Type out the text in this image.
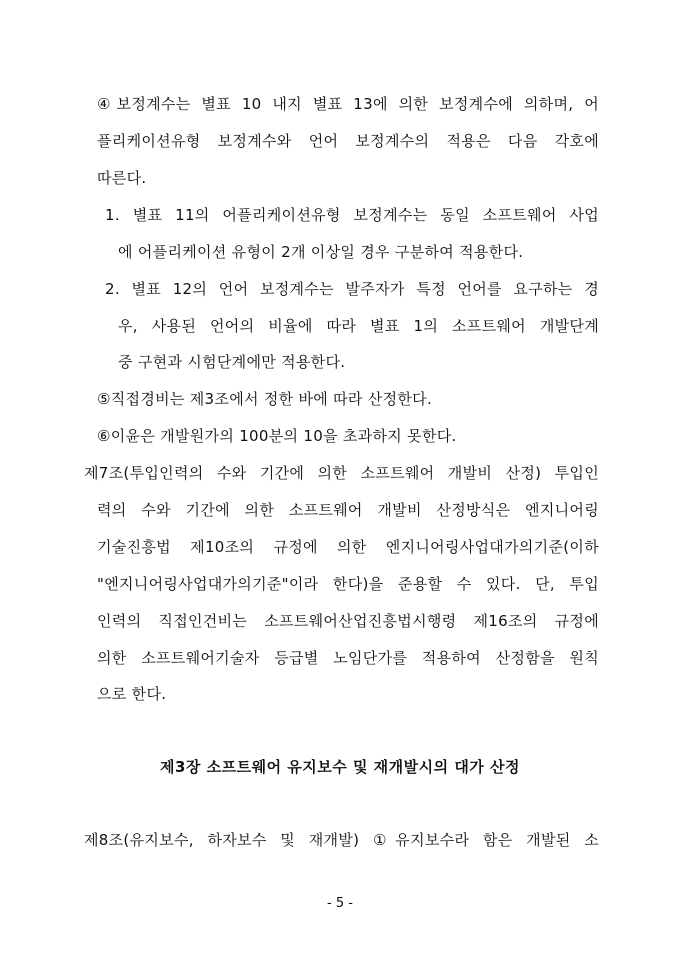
④보정계수는 별표 10 내지 별표 13에 의한 보정계수에 의하며, 어
플리케이션유형 보정계수와 언어 보정계수의 적용은 다음 각호에
따른다.
1. 별표 11의 어플리케이션유형 보정계수는 동일 소프트웨어 사업
에 어플리케이션 유형이 2개 이상일 경우 구분하여 적용한다.
2. 별표 12의 언어 보정계수는 발주자가 특정 언어를 요구하는 경
우, 사용된 언어의 비율에 따라 별표 1의 소프트웨어 개발단계
중 구현과 시험단계에만 적용한다.
⑤직접경비는 제3조에서 정한 바에 따라 산정한다.
⑥이윤은 개발원가의 100분의 10을 초과하지 못한다.
제7조(투입인력의 수와 기간에 의한 소프트웨어 개발비 산정) 투입인
력의 수와 기간에 의한 소프트웨어 개발비 산정방식은 엔지니어링
기술진흥법 제10조의 규정에 의한 엔지니어링사업대가의기준(이하
"엔지니어링사업대가의기준"이라 한다)을 준용할 수 있다. 단, 투입
인력의 직접인건비는 소프트웨어산업진흥법시행령 제16조의 규정에
의한 소프트웨어기술자 등급별 노임단가를 적용하여 산정함을 원칙
으로 한다.
제3장 소프트웨어 유지보수 및 재개발시의 대가 산정
제8조(유지보수, 하자보수 및 재개발) ①유지보수라 함은 개발된 소
- 5 -
